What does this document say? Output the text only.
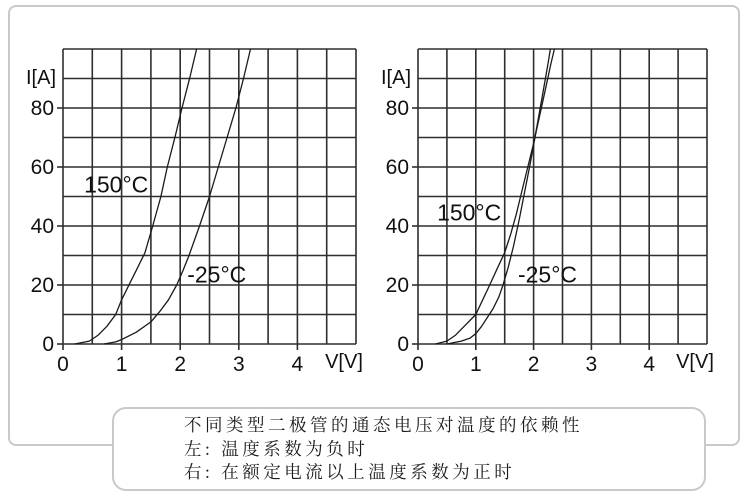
0 1 2 3 4
0
20
40
60
80
I[A]
V[V]
150°C
-25°C
0 1 2 3 4
0
20
40
60
80
I[A]
V[V]
150°C
-25°C
不同类型二极管的通态电压对温度的依赖性
左: 温度系数为负时
右: 在额定电流以上温度系数为正时
